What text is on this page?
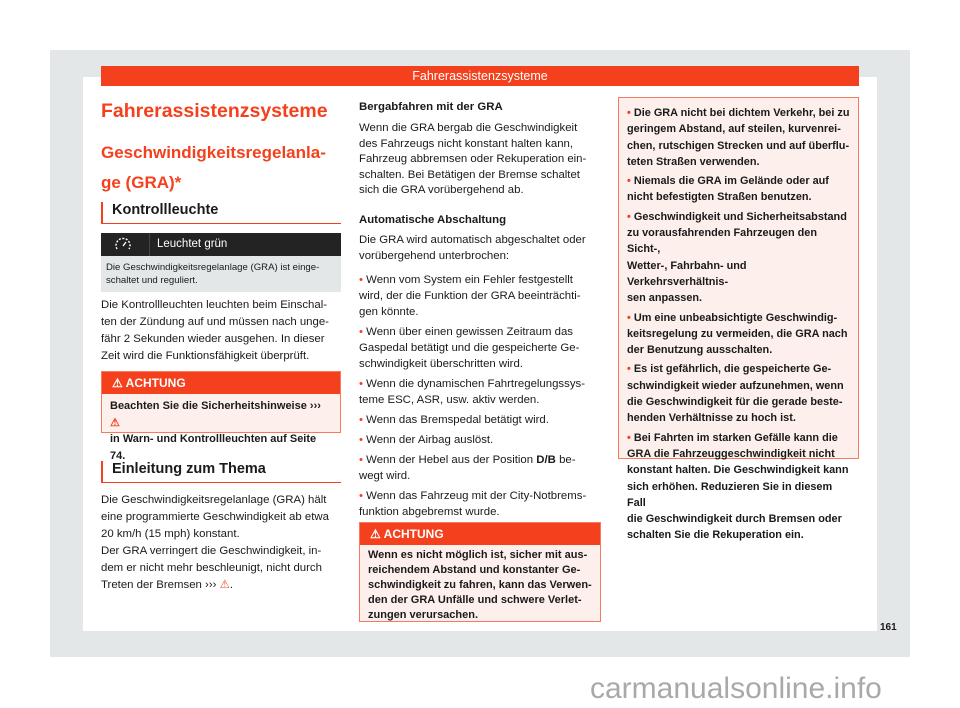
Fahrerassistenzsysteme
Fahrerassistenzsysteme
Geschwindigkeitsregelanla-
ge (GRA)*
Kontrollleuchte
Leuchtet grün
Die Geschwindigkeitsregelanlage (GRA) ist einge-
schaltet und reguliert.
Die Kontrollleuchten leuchten beim Einschal-
ten der Zündung auf und müssen nach unge-
fähr 2 Sekunden wieder ausgehen. In dieser
Zeit wird die Funktionsfähigkeit überprüft.
⚠ ACHTUNG
Beachten Sie die Sicherheitshinweise ››› ⚠
in Warn- und Kontrollleuchten auf Seite 74.
Einleitung zum Thema
Die Geschwindigkeitsregelanlage (GRA) hält
eine programmierte Geschwindigkeit ab etwa
20 km/h (15 mph) konstant.
Der GRA verringert die Geschwindigkeit, in-
dem er nicht mehr beschleunigt, nicht durch
Treten der Bremsen ››› ⚠.
Bergabfahren mit der GRA
Wenn die GRA bergab die Geschwindigkeit
des Fahrzeugs nicht konstant halten kann,
Fahrzeug abbremsen oder Rekuperation ein-
schalten. Bei Betätigen der Bremse schaltet
sich die GRA vorübergehend ab.
Automatische Abschaltung
Die GRA wird automatisch abgeschaltet oder
vorübergehend unterbrochen:
• Wenn vom System ein Fehler festgestellt
wird, der die Funktion der GRA beeinträchti-
gen könnte.
• Wenn über einen gewissen Zeitraum das
Gaspedal betätigt und die gespeicherte Ge-
schwindigkeit überschritten wird.
• Wenn die dynamischen Fahrtregelungssys-
teme ESC, ASR, usw. aktiv werden.
• Wenn das Bremspedal betätigt wird.
• Wenn der Airbag auslöst.
• Wenn der Hebel aus der Position D/B be-
wegt wird.
• Wenn das Fahrzeug mit der City-Notbrems-
funktion abgebremst wurde.
⚠ ACHTUNG
Wenn es nicht möglich ist, sicher mit aus-
reichendem Abstand und konstanter Ge-
schwindigkeit zu fahren, kann das Verwen-
den der GRA Unfälle und schwere Verlet-
zungen verursachen.
• Die GRA nicht bei dichtem Verkehr, bei zu
geringem Abstand, auf steilen, kurvenrei-
chen, rutschigen Strecken und auf überflu-
teten Straßen verwenden.
• Niemals die GRA im Gelände oder auf
nicht befestigten Straßen benutzen.
• Geschwindigkeit und Sicherheitsabstand
zu vorausfahrenden Fahrzeugen den Sicht-,
Wetter-, Fahrbahn- und Verkehrsverhältnis-
sen anpassen.
• Um eine unbeabsichtigte Geschwindig-
keitsregelung zu vermeiden, die GRA nach
der Benutzung ausschalten.
• Es ist gefährlich, die gespeicherte Ge-
schwindigkeit wieder aufzunehmen, wenn
die Geschwindigkeit für die gerade beste-
henden Verhältnisse zu hoch ist.
• Bei Fahrten im starken Gefälle kann die
GRA die Fahrzeuggeschwindigkeit nicht
konstant halten. Die Geschwindigkeit kann
sich erhöhen. Reduzieren Sie in diesem Fall
die Geschwindigkeit durch Bremsen oder
schalten Sie die Rekuperation ein.
161
carmanualsonline.info
